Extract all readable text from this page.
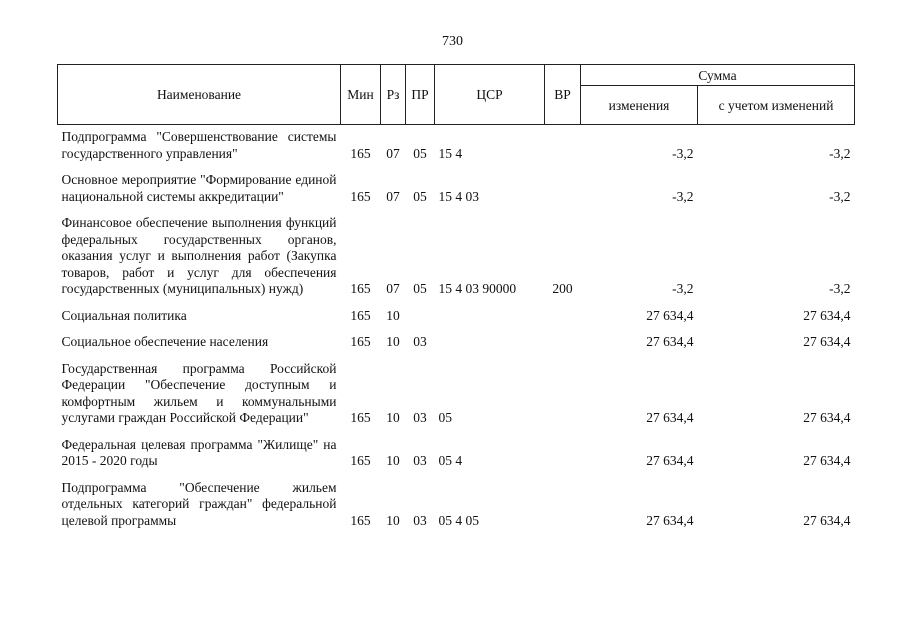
730
Наименование	Мин	Рз	ПР	ЦСР	ВР	Сумма	
						изменения	с учетом изменений
Подпрограмма "Совершенствование системы государственного управления"	165	07	05	15 4		-3,2	-3,2

Основное мероприятие "Формирование единой национальной системы аккредитации"	165	07	05	15 4 03		-3,2	-3,2

Финансовое обеспечение выполнения функций федеральных государственных органов, оказания услуг и выполнения работ (Закупка товаров, работ и услуг для обеспечения государственных (муниципальных) нужд)	165	07	05	15 4 03 90000	200	-3,2	-3,2

Социальная политика	165	10				27 634,4	27 634,4

Социальное обеспечение населения	165	10	03			27 634,4	27 634,4

Государственная программа Российской Федерации "Обеспечение доступным и комфортным жильем и коммунальными услугами граждан Российской Федерации"	165	10	03	05		27 634,4	27 634,4

Федеральная целевая программа "Жилище" на 2015 - 2020 годы	165	10	03	05 4		27 634,4	27 634,4

Подпрограмма "Обеспечение жильем отдельных категорий граждан" федеральной целевой программы	165	10	03	05 4 05		27 634,4	27 634,4
